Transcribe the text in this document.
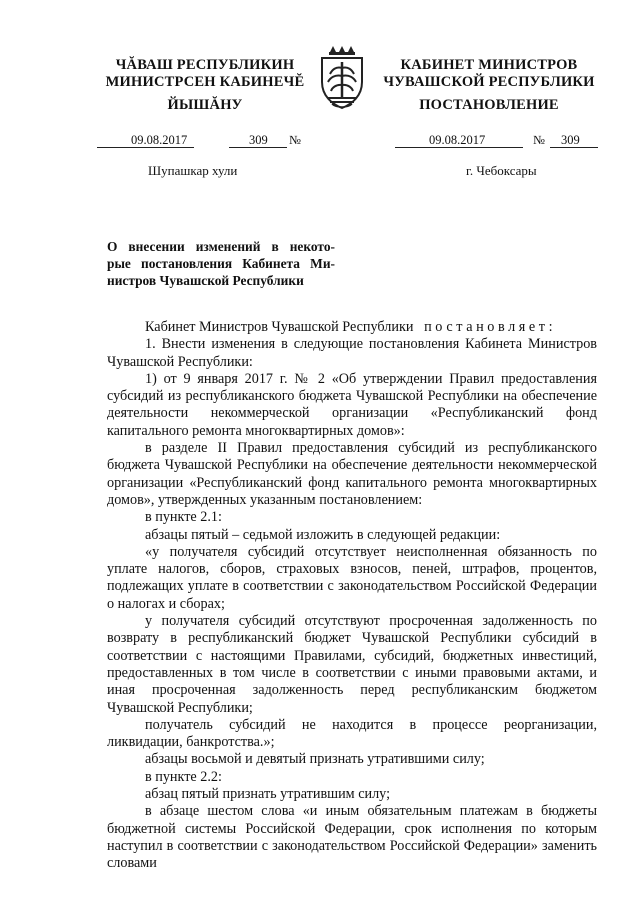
ЧĂВАШ РЕСПУБЛИКИН
МИНИСТРСЕН КАБИНЕЧĔ
ЙЫШĂНУ
КАБИНЕТ МИНИСТРОВ
ЧУВАШСКОЙ РЕСПУБЛИКИ
ПОСТАНОВЛЕНИЕ
09.08.2017	309 №	09.08.2017	№ 309
Шупашкар хули	г. Чебоксары
О внесении изменений в некото-
рые постановления Кабинета Ми-
нистров Чувашской Республики

Кабинет Министров Чувашской Республики постановляет:

1. Внести изменения в следующие постановления Кабинета Министров Чувашской Республики:

1) от 9 января 2017 г. № 2 «Об утверждении Правил предоставления субсидий из республиканского бюджета Чувашской Республики на обеспечение деятельности некоммерческой организации «Республиканский фонд капитального ремонта многоквартирных домов»:

в разделе II Правил предоставления субсидий из республиканского бюджета Чувашской Республики на обеспечение деятельности некоммерческой организации «Республиканский фонд капитального ремонта многоквартирных домов», утвержденных указанным постановлением:

в пункте 2.1:

абзацы пятый – седьмой изложить в следующей редакции:

«у получателя субсидий отсутствует неисполненная обязанность по уплате налогов, сборов, страховых взносов, пеней, штрафов, процентов, подлежащих уплате в соответствии с законодательством Российской Федерации о налогах и сборах;

у получателя субсидий отсутствуют просроченная задолженность по возврату в республиканский бюджет Чувашской Республики субсидий в соответствии с настоящими Правилами, субсидий, бюджетных инвестиций, предоставленных в том числе в соответствии с иными правовыми актами, и иная просроченная задолженность перед республиканским бюджетом Чувашской Республики;

получатель субсидий не находится в процессе реорганизации, ликвидации, банкротства.»;

абзацы восьмой и девятый признать утратившими силу;

в пункте 2.2:

абзац пятый признать утратившим силу;

в абзаце шестом слова «и иным обязательным платежам в бюджеты бюджетной системы Российской Федерации, срок исполнения по которым наступил в соответствии с законодательством Российской Федерации» заменить словами
